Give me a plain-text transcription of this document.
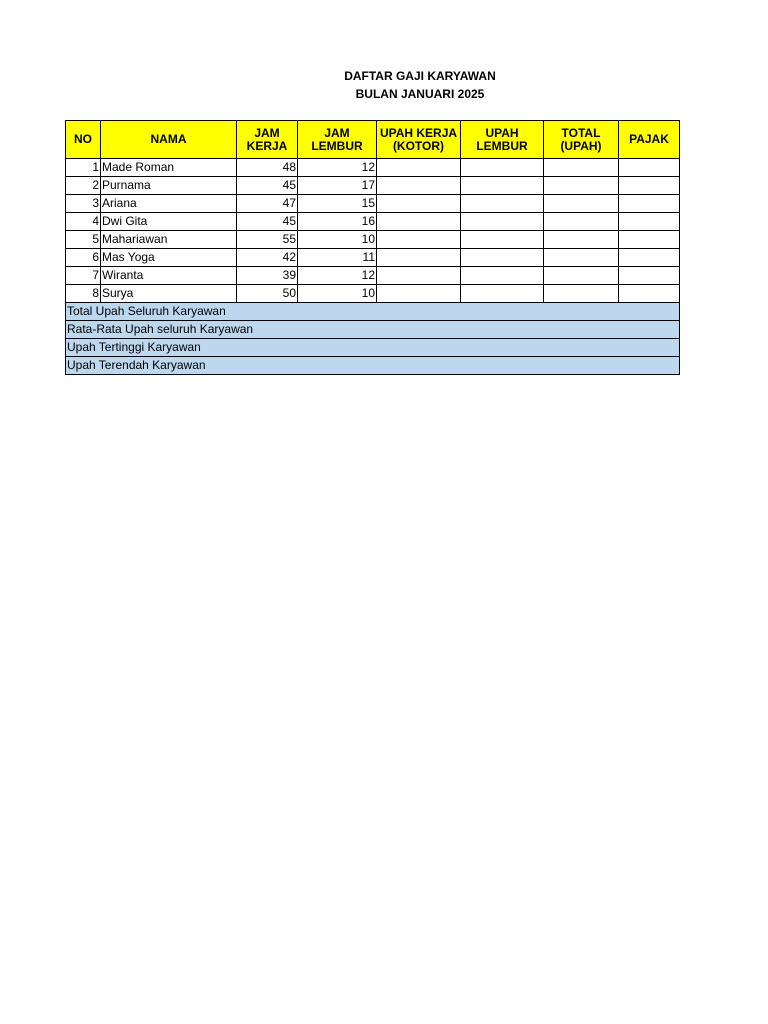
DAFTAR GAJI KARYAWAN
BULAN JANUARI 2025
NO	NAMA	JAM KERJA	JAM LEMBUR	UPAH KERJA (KOTOR)	UPAH LEMBUR	TOTAL (UPAH)	PAJAK
1	Made Roman	48	12				
2	Purnama	45	17				
3	Ariana	47	15				
4	Dwi Gita	45	16				
5	Mahariawan	55	10				
6	Mas Yoga	42	11				
7	Wiranta	39	12				
8	Surya	50	10				
Total Upah Seluruh Karyawan							
Rata-Rata Upah seluruh Karyawan							
Upah Tertinggi Karyawan							
Upah Terendah Karyawan							
